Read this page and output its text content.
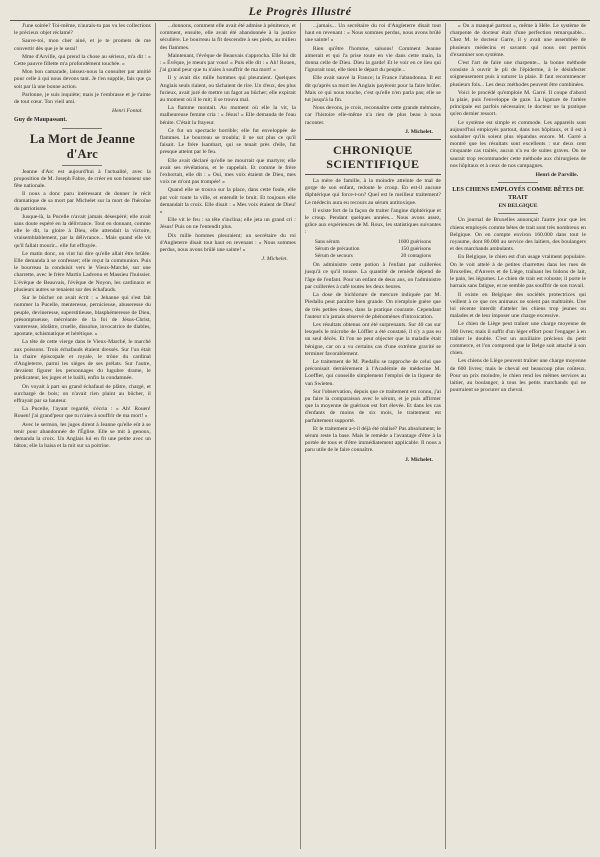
Le Progrès Illustré

J'une soirée? Toi-même, n'aurais-tu pas vu les collections le précieux objet réclamé?

Sauve-toi, mon cher ainé, et je te promets de me convertir dès que je le serai!

Mme d'Arville, qui prend la chose au sérieux, m'a dit : « Cette pauvre fillette m'a profondément touchée. »

Mon bon camarade, laissez-nous la consulter par amitié pour celle à qui nous devons tant. Je t'en supplie, fais que ça soit par là une bonne action.

Parlonne, je suis inquiète; mais je t'embrasse et je t'aime de tout cœur. Ton vieil ami.

Henri Fontal.
Guy de Maupassant.
La Mort de Jeanne d'Arc

Jeanne d'Arc est aujourd'hui à l'actualité, avec la proposition de M. Joseph Fabre, de créer en son honneur une fête nationale.

Il nous a donc paru intéressant de donner le récit dramatique de sa mort par Michelet sur la mort de l'héroïne du patriotisme.

Jusque-là, la Pucelle n'avait jamais désespéré; elle avait sans doute espéré en la délivrance. Tout en donnant, comme elle le dit, la gloire à Dieu, elle attendait la victoire, vraisemblablement, par la délivrance... Mais quand elle vit qu'il fallait mourir... elle fut effrayée.

Le matin donc, on vint lui dire qu'elle allait être brûlée. Elle demanda à se confesser; elle reçut la communion. Puis le bourreau la conduisit vers le Vieux-Marché, sur une charrette, avec le frère Martin Ladvenu et Massieu l'huissier. L'évêque de Beauvais, l'évêque de Noyon, les cardinaux et plusieurs autres se tenaient sur des échafauds.

Sur le bûcher on avait écrit : « Jehanne qui s'est fait nommer la Pucelle, menteresse, pernicieuse, abuseresse du peuple, devineresse, superstitieuse, blasphémeresse de Dieu, présomptueuse, mécréante de la foi de Jésus-Christ, vanteresse, idolâtre, cruelle, dissolue, invocatrice de diables, apostate, schismatique et hérétique. »

La tête de cette vierge dans le Vieux-Marché, le marché aux poissons. Trois échafauds étaient dressés. Sur l'un était la chaire épiscopale et royale, le trône du cardinal d'Angleterre, parmi les sièges de ses prélats. Sur l'autre, devaient figurer les personnages du lugubre drame, le prédicateur, les juges et le bailli, enfin la condamnée.

On voyait à part un grand échafaud de plâtre, chargé, et surchargé de bois; on n'avait rien plaint au bûcher, il effrayait par sa hauteur.

La Pucelle, l'ayant regardé, s'écria : « Ah! Rouen! Rouen! j'ai grand'peur que tu n'aies à souffrir de ma mort! »

Avec le sermon, les juges dirent à Jeanne qu'elle eût à se tenir pour abandonnée de l'Église. Elle se mit à genoux, demanda la croix. Un Anglais lui en fit une petite avec un bâton; elle la baisa et la mit sur sa poitrine.

...donnons, comment elle avait été admise à pénitence, et comment, ensuite, elle avait été abandonnée à la justice séculière. Le bourreau la fit descendre à ses pieds, au milieu des flammes.

Maintenant, l'évêque de Beauvais s'approcha. Elle lui dit : « Évêque, je meurs par vous! » Puis elle dit : « Ah! Rouen, j'ai grand peur que tu n'aies à souffrir de ma mort! »

Il y avait dix mille hommes qui pleuraient. Quelques Anglais seuls riaient, ou tâchaient de rire. Un d'eux, des plus furieux, avait juré de mettre un fagot au bûcher; elle expirait au moment où il le mit; il se trouva mal.

La flamme montait. Au moment où elle la vit, la malheureuse femme cria : « Jésus! » Elle demanda de l'eau bénite. C'était la frayeur.

Ce fut un spectacle horrible; elle fut enveloppée de flammes. Le bourreau se troubla; il ne sut plus ce qu'il faisait. Le frère Isambart, qui se tenait près d'elle, fut presque atteint par le feu.

Elle avait déclaré qu'elle ne mourrait que martyre; elle avait ses révélations, et le rappelait. Et comme le frère l'exhortait, elle dit : « Oui, mes voix étaient de Dieu, mes voix ne m'ont pas trompée! »

Quand elle se trouva sur la place, dans cette foule, elle put voir toute la ville, et entendit le bruit. Et toujours elle demandait la croix. Elle disait : « Mes voix étaient de Dieu! »

Elle vit le feu : sa tête s'inclina; elle jeta un grand cri : Jésus! Puis on ne l'entendit plus.

Dix mille hommes pleuraient; un secrétaire du roi d'Angleterre disait tout haut en revenant : « Nous sommes perdus, nous avons brûlé une sainte! »

J. Michelet.

...jamais... Un secrétaire du roi d'Angleterre disait tout haut en revenant : « Nous sommes perdus, nous avons brûlé une sainte! »

Rien qu'être l'homme, saluons! Comment Jeanne aimerait et qui l'a prise toute en vie dans cette main, la donna celle de Dieu. Dieu la garde! Et le voir en ce lieu qui l'ignorait tout, elle tient le départ du peuple...

Elle avait sauvé la France; la France l'abandonna. Il est dit qu'après sa mort les Anglais payèrent pour la faire brûler. Mais ce qui nous touche, c'est qu'elle n'en parla pas; elle se tut jusqu'à la fin.

Nous devons, je crois, reconnaître cette grande mémoire, car l'histoire elle-même n'a rien de plus beau à nous raconter.

J. Michelet.
CHRONIQUE SCIENTIFIQUE

La mère de famille, à la moindre atteinte de mal de gorge de son enfant, redoute le croup. En est-il aucune diphtérique qui force-t-on? Quel est le meilleur traitement? Le médecin aura eu recours au sérum antitoxique.

Il existe fort de la façon de traiter l'angine diphtérique et le croup. Pendant quelques années... Nous avons assez, grâce aux expériences de M. Roux, les statistiques suivantes :

Sans sérum	1600 guérisons
Sérum de précaution	150 guérisons
Sérum de secours	20 contagions

On administre cette potion à l'enfant par cuillerées jusqu'à ce qu'il tousse. La quantité de remède dépend de l'âge de l'enfant. Pour un enfant de deux ans, on l'administre par cuillerées à café toutes les deux heures.

La dose de bichlorure de mercure indiquée par M. Piedallu peut paraître bien grande. On n'emploie guère que de très petites doses, dans la pratique courante. Cependant l'auteur n'a jamais observé de phénomènes d'intoxication.

Les résultats obtenus ont été surprenants. Sur 40 cas sur lesquels le microbe de Löffler a été constaté, il n'y a pas eu un seul décès. Et l'on ne peut objecter que la maladie était bénigne, car on a vu certains cas d'une extrême gravité se terminer favorablement.

Le traitement de M. Piedallu se rapproche de celui que préconisait dernièrement à l'Académie de médecine M. Loeffler, qui conseille simplement l'emploi de la liqueur de van Swieten.

Sur l'observation, depuis que ce traitement est connu, j'ai pu faire la comparaison avec le sérum, et je puis affirmer que la moyenne de guérison est fort élevée. Et dans les cas d'enfants de moins de six mois, le traitement est parfaitement supporté.

Et le traitement a-t-il déjà été réalisé? Pas absolument; le sérum reste la base. Mais le remède a l'avantage d'être à la portée de tous et d'être immédiatement applicable. Il nous a paru utile de le faire connaître.

J. Michelet.

« On a manqué partout », même à Héle. Le système de charpente de docteur était d'une perfection remarquable... Chez M. le docteur Garre, il y avait une assemblée de plusieurs médecins et savants qui nous ont permis d'examiner son système.

C'est l'art de faire une charpente... la bonne méthode consiste à ouvrir le pli de l'épiderme, à le désinfecter soigneusement puis à suturer la plaie. Il faut recommencer plusieurs fois... Les deux méthodes peuvent être combinées.

Voici le procédé qu'emploie M. Garré. Il coupe d'abord la plaie, puis l'enveloppe de gaze. La ligature de l'artère principale est parfois nécessaire; le docteur ne la pratique qu'en dernier ressort.

Le système est simple et commode. Les appareils sont aujourd'hui employés partout, dans nos hôpitaux, et il est à souhaiter qu'ils soient plus répandus encore. M. Garré a montré que les résultats sont excellents : sur deux cent cinquante cas traités, aucun n'a eu de suites graves. On ne saurait trop recommander cette méthode aux chirurgiens de nos hôpitaux et à ceux de nos campagnes.

Henri de Parville.
LES CHIENS EMPLOYÉS COMME BÊTES DE TRAIT
EN BELGIQUE

Un journal de Bruxelles annonçait l'autre jour que les chiens employés comme bêtes de trait sont très nombreux en Belgique. On en compte environ 160.000 dans tout le royaume, dont 80.000 au service des laitiers, des boulangers et des marchands ambulants.

En Belgique, le chien est d'un usage vraiment populaire. On le voit attelé à de petites charrettes dans les rues de Bruxelles, d'Anvers et de Liège, traînant les bidons de lait, le pain, les légumes. Le chien de trait est robuste; il porte le harnais sans fatigue, et ne semble pas souffrir de son travail.

Il existe en Belgique des sociétés protectrices qui veillent à ce que ces animaux ne soient pas maltraités. Une loi récente interdit d'atteler les chiens trop jeunes ou malades et de leur imposer une charge excessive.

Le chien de Liège peut traîner une charge moyenne de 300 livres; mais il suffit d'un léger effort pour l'engager à en traîner le double. C'est un auxiliaire précieux du petit commerce, et l'on comprend que le Belge soit attaché à son chien.

Les chiens de Liège peuvent traîner une charge moyenne de 600 livres; mais le cheval est beaucoup plus coûteux. Pour un prix moindre, le chien rend les mêmes services au laitier, au boulanger, à tous les petits marchands qui ne pourraient se procurer un cheval.
